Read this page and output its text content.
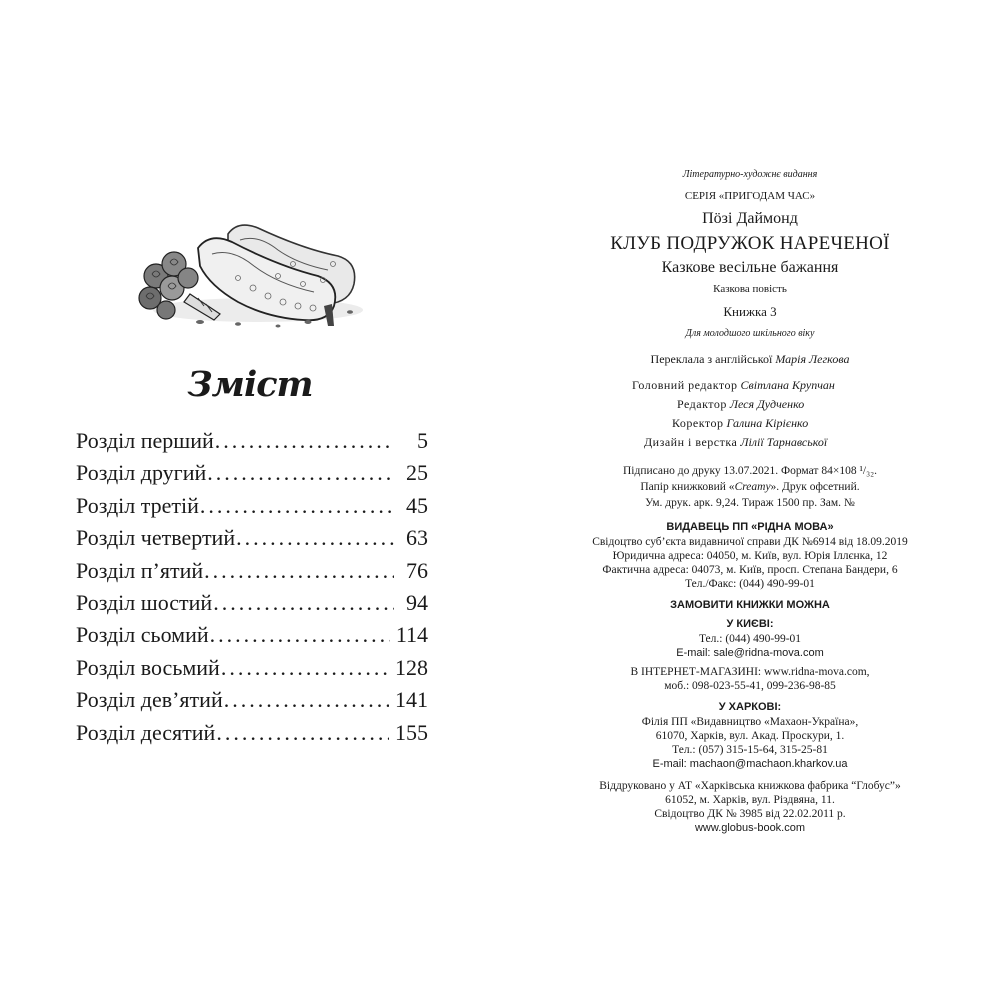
Зміст
Розділ перший .....	5
Розділ другий .....	25
Розділ третій .....	45
Розділ четвертий .....	63
Розділ п’ятий .....	76
Розділ шостий .....	94
Розділ сьомий .....	114
Розділ восьмий .....	128
Розділ дев’ятий .....	141
Розділ десятий .....	155
Літературно-художнє видання
СЕРІЯ «ПРИГОДАМ ЧАС»
Пöзі Даймонд
КЛУБ ПОДРУЖОК НАРЕЧЕНОЇ
Казкове весільне бажання
Казкова повість
Книжка 3
Для молодшого шкільного віку
Переклала з англійської Марія Легкова
Головний редактор Світлана Крупчан
Редактор Леся Дудченко
Коректор Галина Кірієнко
Дизайн і верстка Лілії Тарнавської
Підписано до друку 13.07.2021. Формат 84×108 ¹/₃₂.
Папір книжковий «Creamy». Друк офсетний.
Ум. друк. арк. 9,24. Тираж 1500 пр. Зам. №
ВИДАВЕЦЬ ПП «РІДНА МОВА»
Свідоцтво суб’єкта видавничої справи ДК №6914 від 18.09.2019
Юридична адреса: 04050, м. Київ, вул. Юрія Іллєнка, 12
Фактична адреса: 04073, м. Київ, просп. Степана Бандери, 6
Тел./Факс: (044) 490-99-01
ЗАМОВИТИ КНИЖКИ МОЖНА
У КИЄВІ:
Тел.: (044) 490-99-01
E-mail: sale@ridna-mova.com
В ІНТЕРНЕТ-МАГАЗИНІ: www.ridna-mova.com,
моб.: 098-023-55-41, 099-236-98-85
У ХАРКОВІ:
Філія ПП «Видавництво «Махаон-Україна»,
61070, Харків, вул. Акад. Проскури, 1.
Тел.: (057) 315-15-64, 315-25-81
E-mail: machaon@machaon.kharkov.ua
Віддруковано у АТ «Харківська книжкова фабрика “Глобус”»
61052, м. Харків, вул. Різдвяна, 11.
Свідоцтво ДК № 3985 від 22.02.2011 р.
www.globus-book.com
